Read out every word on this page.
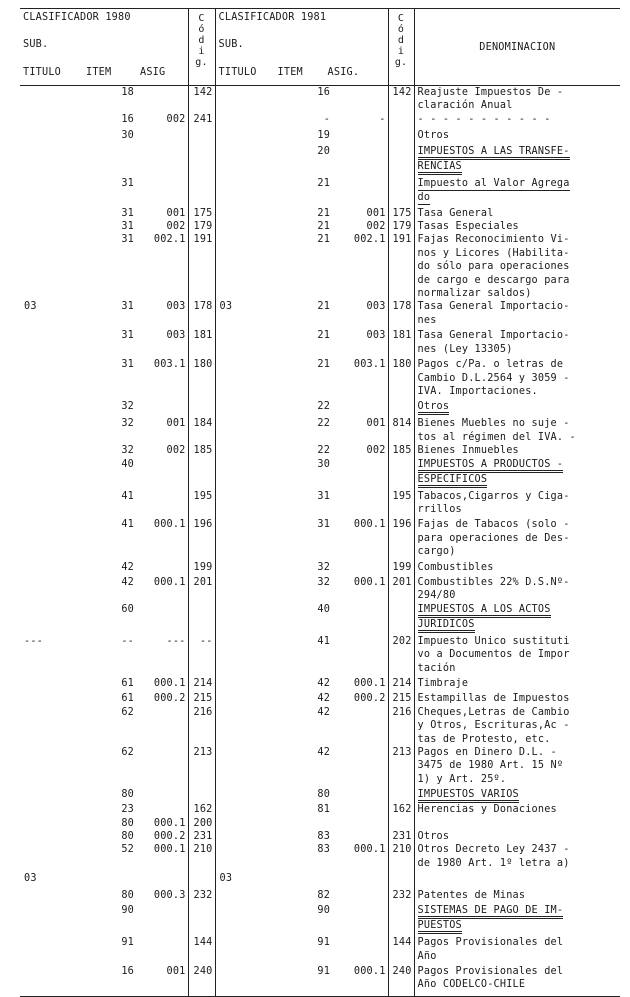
CLASIFICADOR 1980
SUB.
TITULO ITEM ASIG			C
ó
d
i
g.	CLASIFICADOR 1981
SUB.
TITULO ITEM ASIG.			C
ó
d
i
g.	DENOMINACION
	18		142		16		142	Reajuste Impuestos De -
claración Anual

	16	002	241		-	-		- - - - - - - - - - -

	30				19			Otros

					20			IMPUESTOS A LAS TRANSFE-
RENCIAS

	31				21			Impuesto al Valor Agrega
do

	31	001	175		21	001	175	Tasa General

	31	002	179		21	002	179	Tasas Especiales

	31	002.1	191		21	002.1	191	Fajas Reconocimiento Vi-
nos y Licores (Habilita-
do sólo para operaciones
de cargo e descargo para
normalizar saldos)

03	31	003	178	03	21	003	178	Tasa General Importacio-
nes

	31	003	181		21	003	181	Tasa General Importacio-
nes (Ley 13305)

	31	003.1	180		21	003.1	180	Pagos c/Pa. o letras de
Cambio D.L.2564 y 3059 -
IVA. Importaciones.

	32				22			Otros

	32	001	184		22	001	814	Bienes Muebles no suje -
tos al régimen del IVA. -

	32	002	185		22	002	185	Bienes Inmuebles

	40				30			IMPUESTOS A PRODUCTOS -
ESPECIFICOS

	41		195		31		195	Tabacos,Cigarros y Ciga-
rrillos

	41	000.1	196		31	000.1	196	Fajas de Tabacos (solo -
para operaciones de Des-
cargo)

	42		199		32		199	Combustibles

	42	000.1	201		32	000.1	201	Combustibles 22% D.S.Nº-
294/80

	60				40			IMPUESTOS A LOS ACTOS
JURIDICOS

---	--	---	--		41		202	Impuesto Unico sustituti
vo a Documentos de Impor
tación

	61	000.1	214		42	000.1	214	Timbraje

	61	000.2	215		42	000.2	215	Estampillas de Impuestos

	62		216		42		216	Cheques,Letras de Cambio
y Otros, Escrituras,Ac -
tas de Protesto, etc.

	62		213		42		213	Pagos en Dinero D.L. -
3475 de 1980 Art. 15 Nº
1) y Art. 25º.

	80				80			IMPUESTOS VARIOS

	23		162		81		162	Herencias y Donaciones

	80	000.1	200					

	80	000.2	231		83		231	Otros

	52	000.1	210		83	000.1	210	Otros Decreto Ley 2437 -
de 1980 Art. 1º letra a)

03				03				

	80	000.3	232		82		232	Patentes de Minas

	90				90			SISTEMAS DE PAGO DE IM-
PUESTOS

	91		144		91		144	Pagos Provisionales del
Año

	16	001	240		91	000.1	240	Pagos Provisionales del
Año CODELCO-CHILE
